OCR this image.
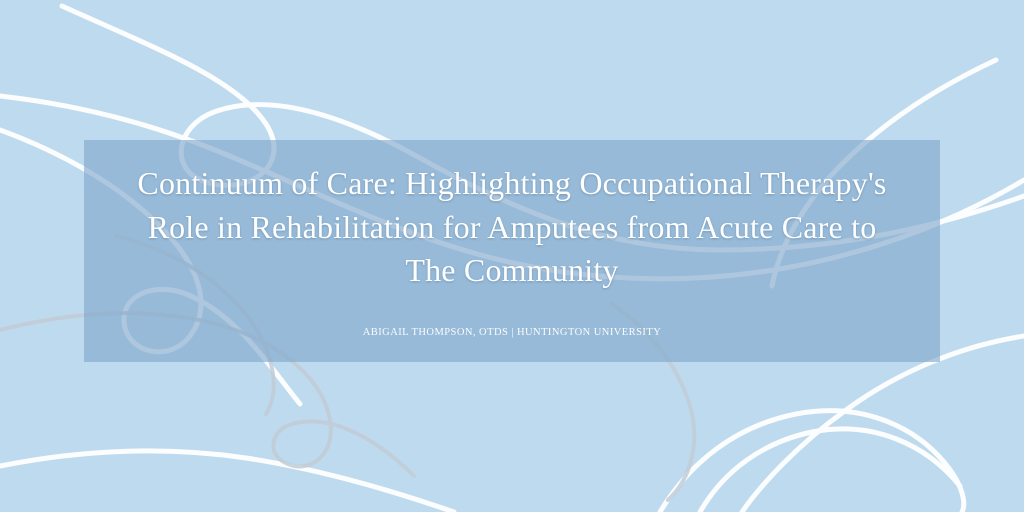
Continuum of Care: Highlighting Occupational Therapy's Role in Rehabilitation for Amputees from Acute Care to The Community

ABIGAIL THOMPSON, OTDS | HUNTINGTON UNIVERSITY
